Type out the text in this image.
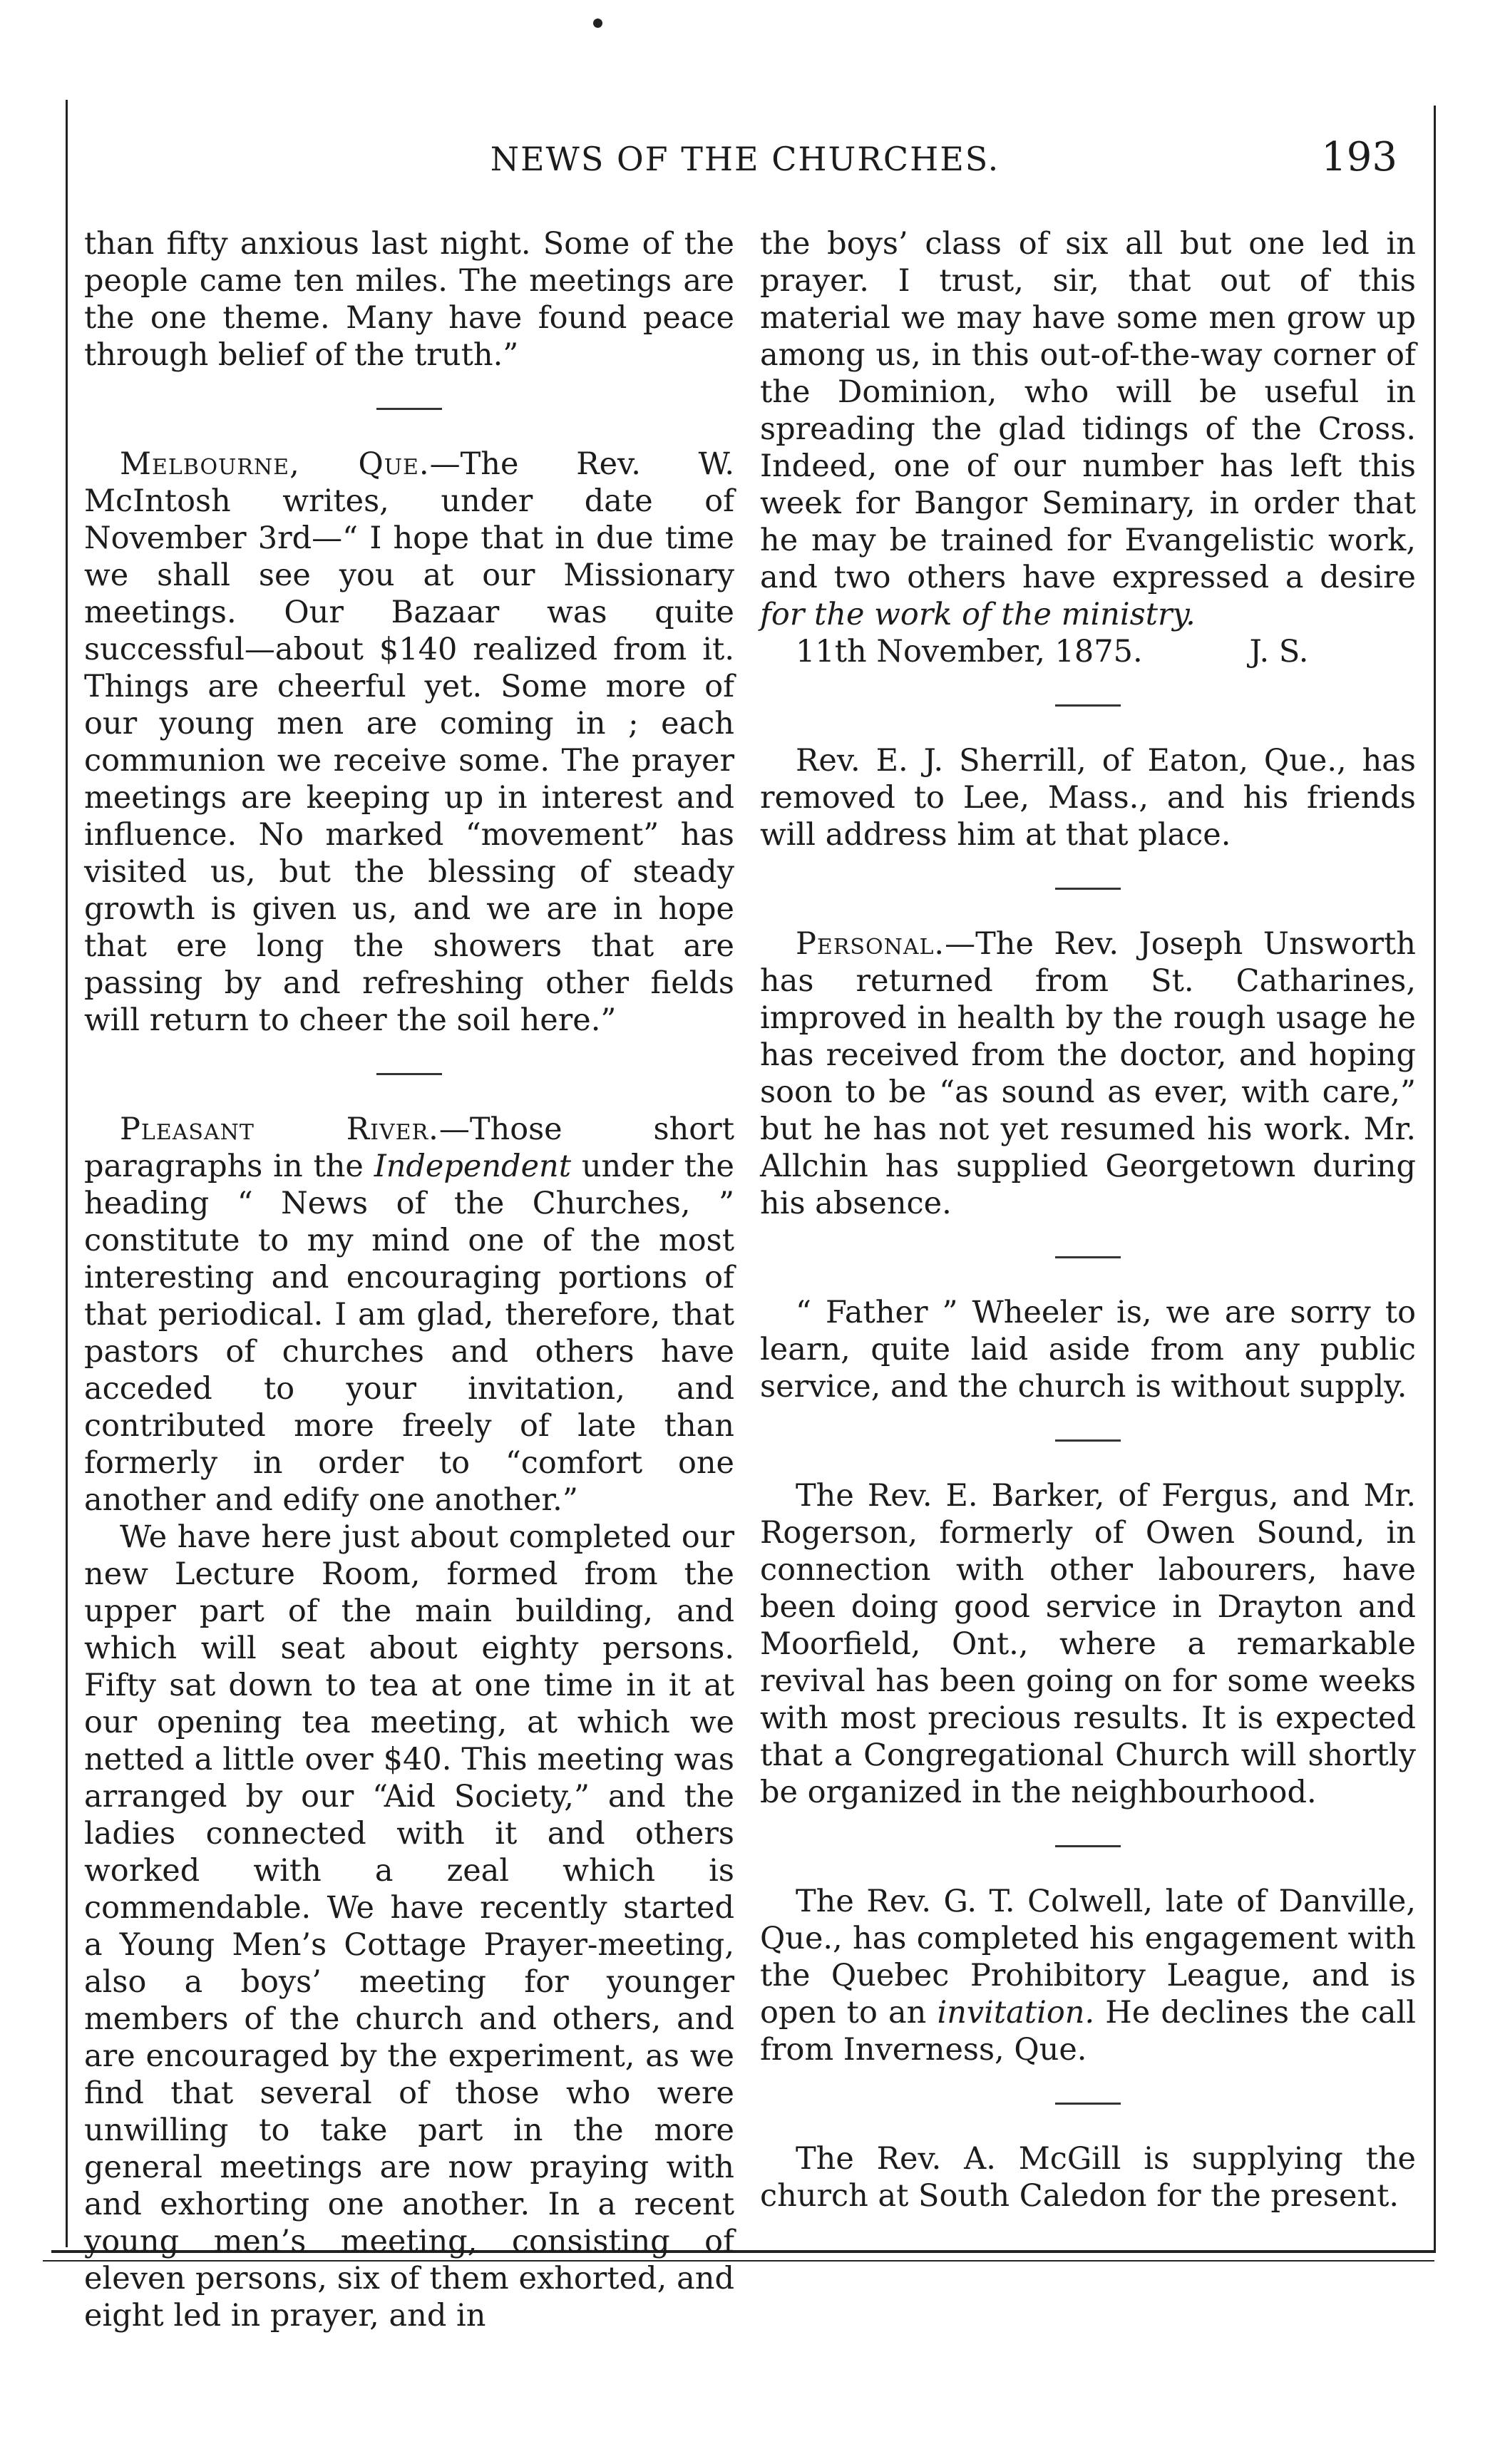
NEWS OF THE CHURCHES.	193

than fifty anxious last night. Some of the people came ten miles. The meetings are the one theme. Many have found peace through belief of the truth.”

Melbourne, Que.—The Rev. W. McIntosh writes, under date of November 3rd—“ I hope that in due time we shall see you at our Missionary meetings. Our Bazaar was quite successful—about $140 realized from it. Things are cheerful yet. Some more of our young men are coming in ; each communion we receive some. The prayer meetings are keeping up in interest and influence. No marked “movement” has visited us, but the blessing of steady growth is given us, and we are in hope that ere long the showers that are passing by and refreshing other fields will return to cheer the soil here.”

Pleasant River.—Those short paragraphs in the Independent under the heading “ News of the Churches, ” constitute to my mind one of the most interesting and encouraging portions of that periodical. I am glad, therefore, that pastors of churches and others have acceded to your invitation, and contributed more freely of late than formerly in order to “comfort one another and edify one another.”

We have here just about completed our new Lecture Room, formed from the upper part of the main building, and which will seat about eighty persons. Fifty sat down to tea at one time in it at our opening tea meeting, at which we netted a little over $40. This meeting was arranged by our “Aid Society,” and the ladies connected with it and others worked with a zeal which is commendable. We have recently started a Young Men’s Cottage Prayer-meeting, also a boys’ meeting for younger members of the church and others, and are encouraged by the experiment, as we find that several of those who were unwilling to take part in the more general meetings are now praying with and exhorting one another. In a recent young men’s meeting, consisting of eleven persons, six of them exhorted, and eight led in prayer, and in

the boys’ class of six all but one led in prayer. I trust, sir, that out of this material we may have some men grow up among us, in this out-of-the-way corner of the Dominion, who will be useful in spreading the glad tidings of the Cross. Indeed, one of our number has left this week for Bangor Seminary, in order that he may be trained for Evangelistic work, and two others have expressed a desire for the work of the ministry.

11th November, 1875.	J. S.

Rev. E. J. Sherrill, of Eaton, Que., has removed to Lee, Mass., and his friends will address him at that place.

Personal.—The Rev. Joseph Unsworth has returned from St. Catharines, improved in health by the rough usage he has received from the doctor, and hoping soon to be “as sound as ever, with care,” but he has not yet resumed his work. Mr. Allchin has supplied Georgetown during his absence.

“ Father ” Wheeler is, we are sorry to learn, quite laid aside from any public service, and the church is without supply.

The Rev. E. Barker, of Fergus, and Mr. Rogerson, formerly of Owen Sound, in connection with other labourers, have been doing good service in Drayton and Moorfield, Ont., where a remarkable revival has been going on for some weeks with most precious results. It is expected that a Congregational Church will shortly be organized in the neighbourhood.

The Rev. G. T. Colwell, late of Danville, Que., has completed his engagement with the Quebec Prohibitory League, and is open to an invitation. He declines the call from Inverness, Que.

The Rev. A. McGill is supplying the church at South Caledon for the present.
